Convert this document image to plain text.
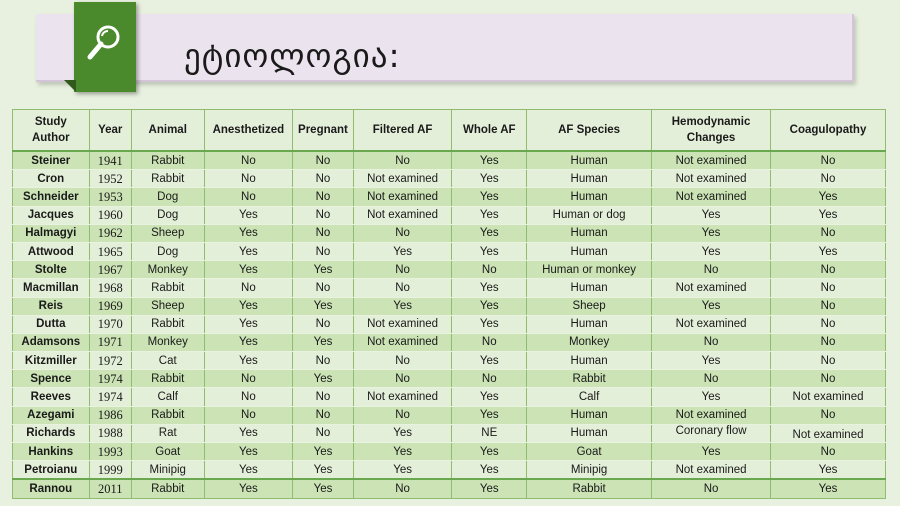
ეტიოლოგია:
Study Author	Year	Animal	Anesthetized	Pregnant	Filtered AF	Whole AF	AF Species	Hemodynamic Changes	Coagulopathy
Steiner	1941	Rabbit	No	No	No	Yes	Human	Not examined	No
Cron	1952	Rabbit	No	No	Not examined	Yes	Human	Not examined	No
Schneider	1953	Dog	No	No	Not examined	Yes	Human	Not examined	Yes
Jacques	1960	Dog	Yes	No	Not examined	Yes	Human or dog	Yes	Yes
Halmagyi	1962	Sheep	Yes	No	No	Yes	Human	Yes	No
Attwood	1965	Dog	Yes	No	Yes	Yes	Human	Yes	Yes
Stolte	1967	Monkey	Yes	Yes	No	No	Human or monkey	No	No
Macmillan	1968	Rabbit	No	No	No	Yes	Human	Not examined	No
Reis	1969	Sheep	Yes	Yes	Yes	Yes	Sheep	Yes	No
Dutta	1970	Rabbit	Yes	No	Not examined	Yes	Human	Not examined	No
Adamsons	1971	Monkey	Yes	Yes	Not examined	No	Monkey	No	No
Kitzmiller	1972	Cat	Yes	No	No	Yes	Human	Yes	No
Spence	1974	Rabbit	No	Yes	No	No	Rabbit	No	No
Reeves	1974	Calf	No	No	Not examined	Yes	Calf	Yes	Not examined
Azegami	1986	Rabbit	No	No	No	Yes	Human	Not examined	No
Richards	1988	Rat	Yes	No	Yes	NE	Human	Coronary flow	Not examined
Hankins	1993	Goat	Yes	Yes	Yes	Yes	Goat	Yes	No
Petroianu	1999	Minipig	Yes	Yes	Yes	Yes	Minipig	Not examined	Yes
Rannou	2011	Rabbit	Yes	Yes	No	Yes	Rabbit	No	Yes
